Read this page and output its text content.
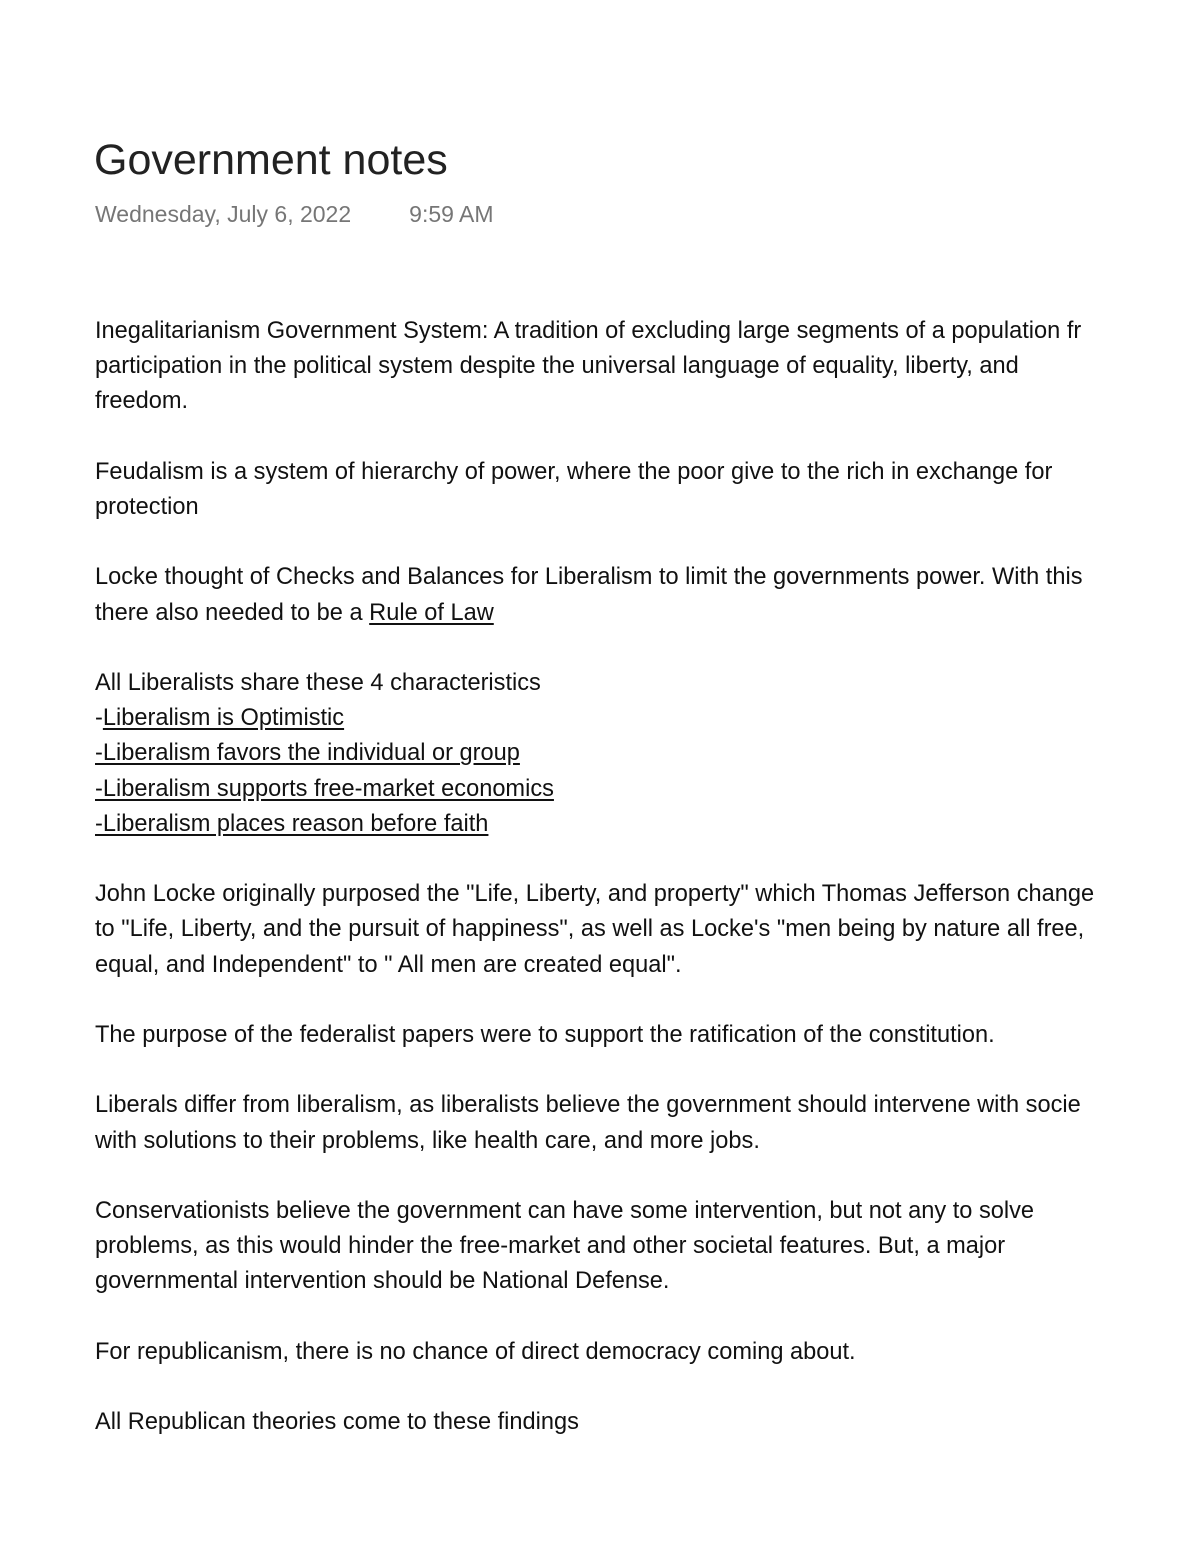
Government notes
Wednesday, July 6, 2022	9:59 AM

Inegalitarianism Government System: A tradition of excluding large segments of a population fr

participation in the political system despite the universal language of equality, liberty, and

freedom.

Feudalism is a system of hierarchy of power, where the poor give to the rich in exchange for

protection

Locke thought of Checks and Balances for Liberalism to limit the governments power. With this

there also needed to be a Rule of Law

All Liberalists share these 4 characteristics

-Liberalism is Optimistic

-Liberalism favors the individual or group

-Liberalism supports free-market economics

-Liberalism places reason before faith

John Locke originally purposed the "Life, Liberty, and property" which Thomas Jefferson change

to "Life, Liberty, and the pursuit of happiness", as well as Locke's "men being by nature all free,

equal, and Independent" to " All men are created equal".

The purpose of the federalist papers were to support the ratification of the constitution.

Liberals differ from liberalism, as liberalists believe the government should intervene with socie

with solutions to their problems, like health care, and more jobs.

Conservationists believe the government can have some intervention, but not any to solve

problems, as this would hinder the free-market and other societal features. But, a major

governmental intervention should be National Defense.

For republicanism, there is no chance of direct democracy coming about.

All Republican theories come to these findings
